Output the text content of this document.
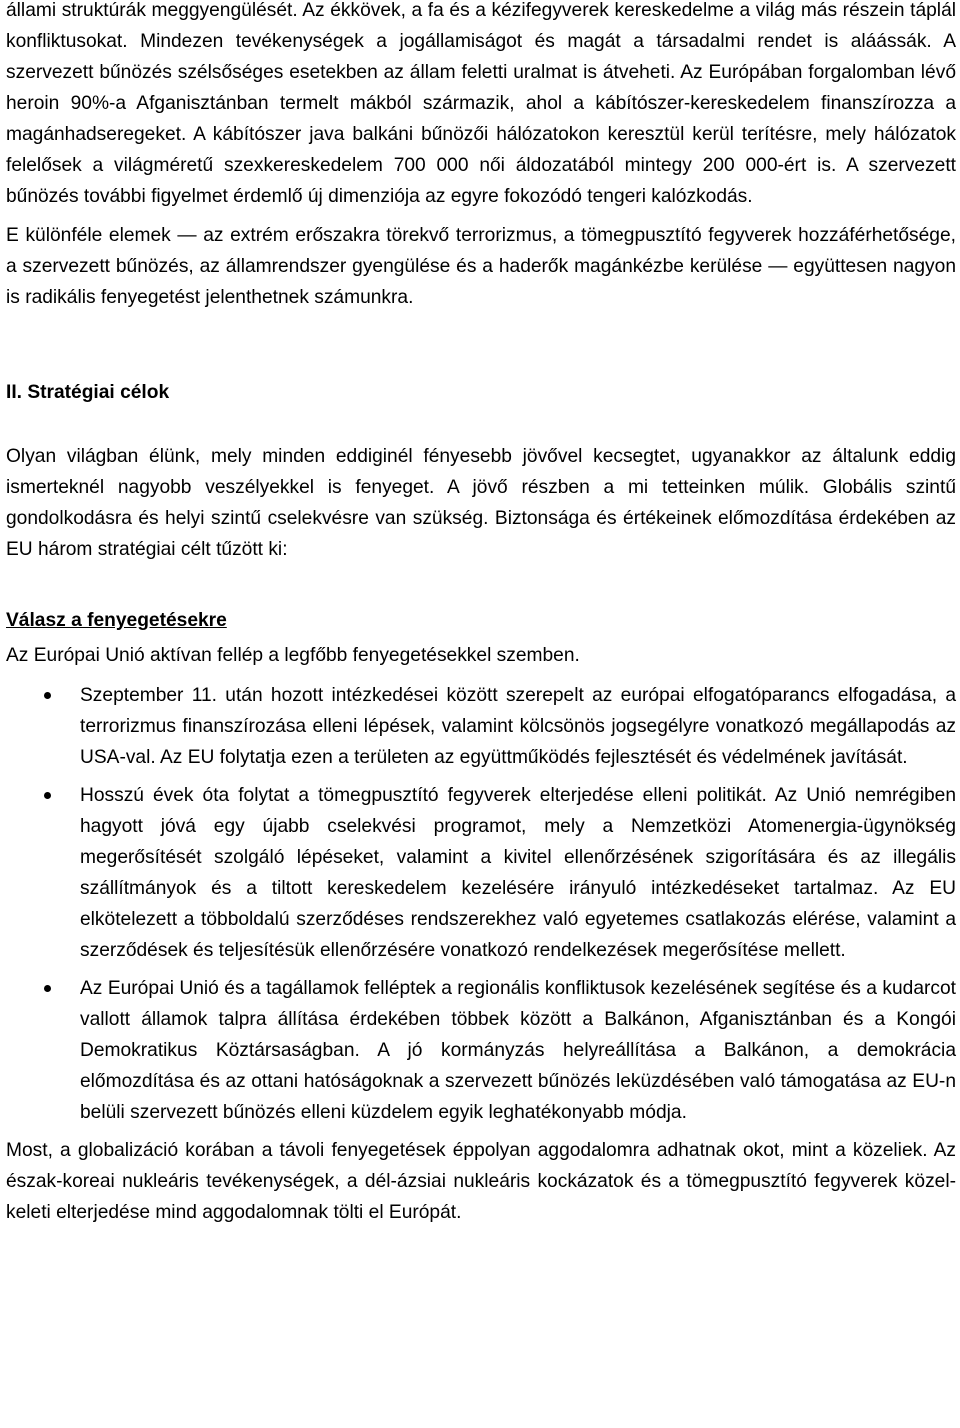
állami struktúrák meggyengülését. Az ékkövek, a fa és a kézifegyverek kereskedelme a világ más részein táplál konfliktusokat. Mindezen tevékenységek a jogállamiságot és magát a társadalmi rendet is aláássák. A szervezett bűnözés szélsőséges esetekben az állam feletti uralmat is átveheti. Az Európában forgalomban lévő heroin 90%-a Afganisztánban termelt mákból származik, ahol a kábítószer-kereskedelem finanszírozza a magánhadseregeket. A kábítószer java balkáni bűnözői hálózatokon keresztül kerül terítésre, mely hálózatok felelősek a világméretű szexkereskedelem 700 000 női áldozatából mintegy 200 000-ért is. A szervezett bűnözés további figyelmet érdemlő új dimenziója az egyre fokozódó tengeri kalózkodás.

E különféle elemek — az extrém erőszakra törekvő terrorizmus, a tömegpusztító fegyverek hozzáférhetősége, a szervezett bűnözés, az államrendszer gyengülése és a haderők magánkézbe kerülése — együttesen nagyon is radikális fenyegetést jelenthetnek számunkra.

II. Stratégiai célok

Olyan világban élünk, mely minden eddiginél fényesebb jövővel kecsegtet, ugyanakkor az általunk eddig ismerteknél nagyobb veszélyekkel is fenyeget. A jövő részben a mi tetteinken múlik. Globális szintű gondolkodásra és helyi szintű cselekvésre van szükség. Biztonsága és értékeinek előmozdítása érdekében az EU három stratégiai célt tűzött ki:

Válasz a fenyegetésekre

Az Európai Unió aktívan fellép a legfőbb fenyegetésekkel szemben.

Szeptember 11. után hozott intézkedései között szerepelt az európai elfogatóparancs elfogadása, a terrorizmus finanszírozása elleni lépések, valamint kölcsönös jogsegélyre vonatkozó megállapodás az USA-val. Az EU folytatja ezen a területen az együttműködés fejlesztését és védelmének javítását.
Hosszú évek óta folytat a tömegpusztító fegyverek elterjedése elleni politikát. Az Unió nemrégiben hagyott jóvá egy újabb cselekvési programot, mely a Nemzetközi Atomenergia-ügynökség megerősítését szolgáló lépéseket, valamint a kivitel ellenőrzésének szigorítására és az illegális szállítmányok és a tiltott kereskedelem kezelésére irányuló intézkedéseket tartalmaz. Az EU elkötelezett a többoldalú szerződéses rendszerekhez való egyetemes csatlakozás elérése, valamint a szerződések és teljesítésük ellenőrzésére vonatkozó rendelkezések megerősítése mellett.
Az Európai Unió és a tagállamok felléptek a regionális konfliktusok kezelésének segítése és a kudarcot vallott államok talpra állítása érdekében többek között a Balkánon, Afganisztánban és a Kongói Demokratikus Köztársaságban. A jó kormányzás helyreállítása a Balkánon, a demokrácia előmozdítása és az ottani hatóságoknak a szervezett bűnözés leküzdésében való támogatása az EU-n belüli szervezett bűnözés elleni küzdelem egyik leghatékonyabb módja.

Most, a globalizáció korában a távoli fenyegetések éppolyan aggodalomra adhatnak okot, mint a közeliek. Az észak-koreai nukleáris tevékenységek, a dél-ázsiai nukleáris kockázatok és a tömegpusztító fegyverek közel-keleti elterjedése mind aggodalomnak tölti el Európát.
